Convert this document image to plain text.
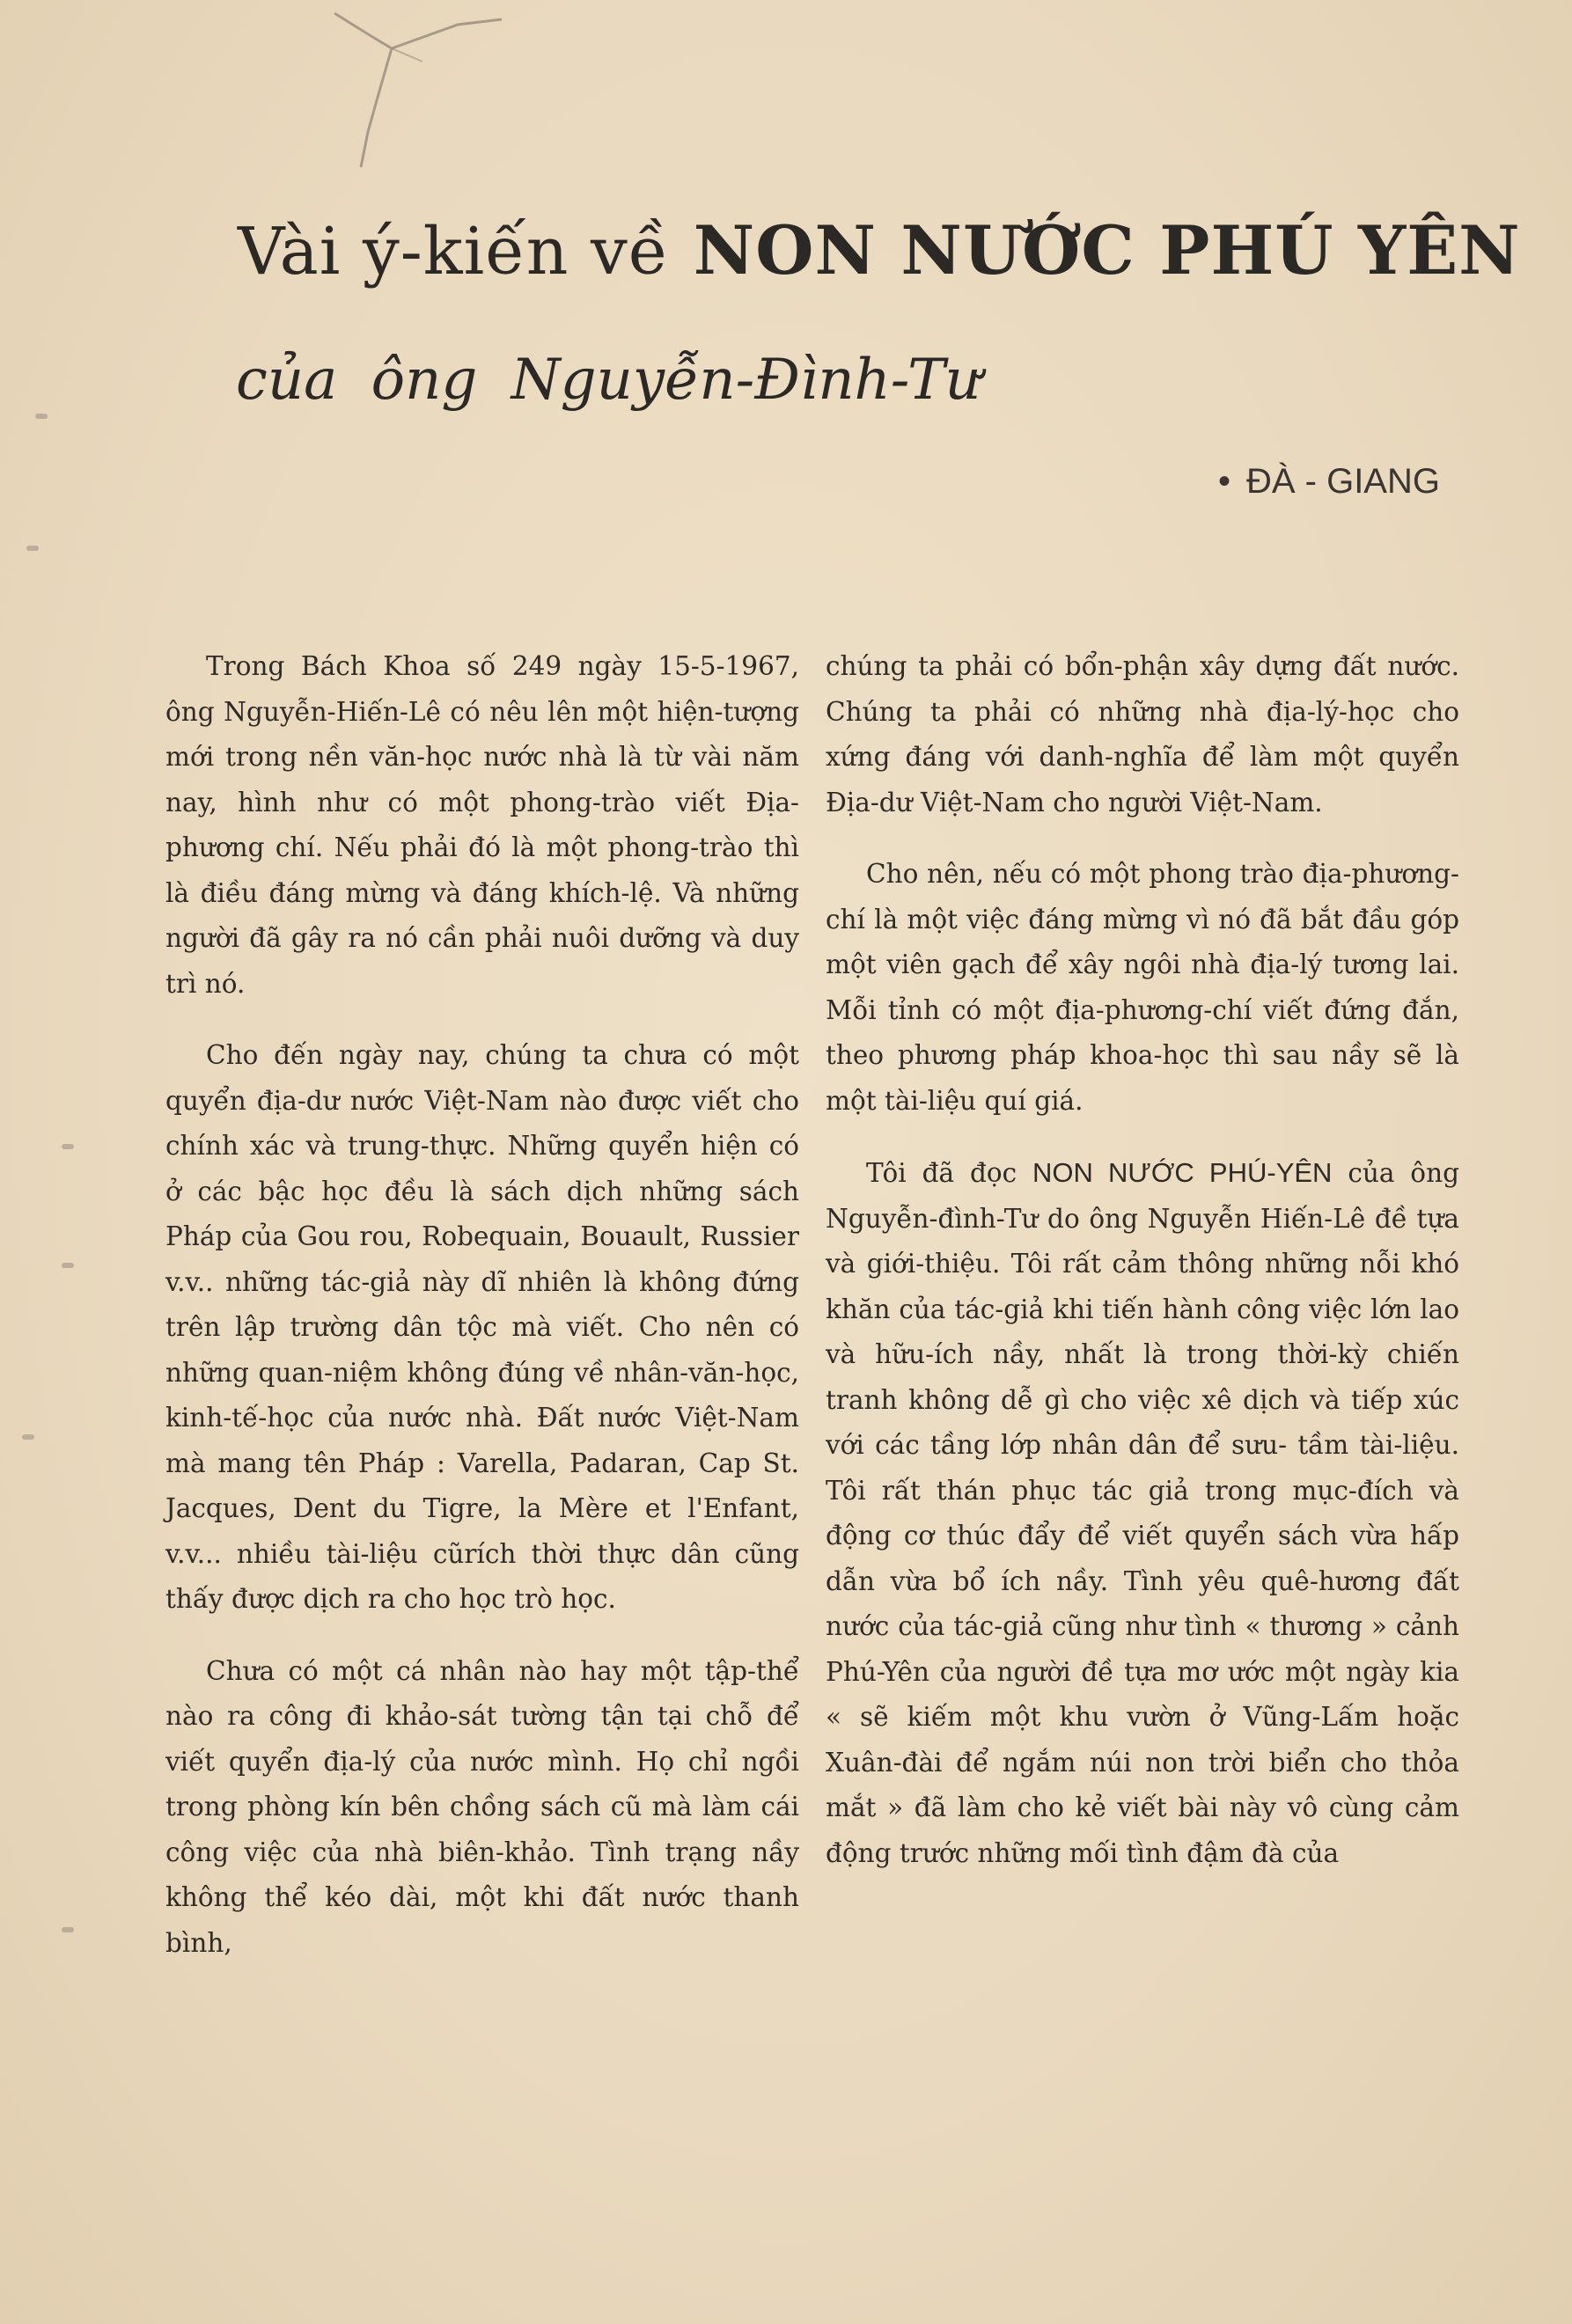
Vài ý-kiến về NON NƯỚC PHÚ YÊN
của ông Nguyễn-Đình-Tư
• ĐÀ - GIANG

Trong Bách Khoa số 249 ngày 15-5-1967, ông Nguyễn-Hiến-Lê có nêu lên một hiện-tượng mới trong nền văn-học nước nhà là từ vài năm nay, hình như có một phong-trào viết Địa-phương chí. Nếu phải đó là một phong-trào thì là điều đáng mừng và đáng khích-lệ. Và những người đã gây ra nó cần phải nuôi dưỡng và duy trì nó.

Cho đến ngày nay, chúng ta chưa có một quyển địa-dư nước Việt-Nam nào được viết cho chính xác và trung-thực. Những quyển hiện có ở các bậc học đều là sách dịch những sách Pháp của Gou rou, Robequain, Bouault, Russier v.v.. những tác-giả này dĩ nhiên là không đứng trên lập trường dân tộc mà viết. Cho nên có những quan-niệm không đúng về nhân-văn-học, kinh-tế-học của nước nhà. Đất nước Việt-Nam mà mang tên Pháp : Varella, Padaran, Cap St. Jacques, Dent du Tigre, la Mère et l'Enfant, v.v... nhiều tài-liệu cũrích thời thực dân cũng thấy được dịch ra cho học trò học.

Chưa có một cá nhân nào hay một tập-thể nào ra công đi khảo-sát tường tận tại chỗ để viết quyển địa-lý của nước mình. Họ chỉ ngồi trong phòng kín bên chồng sách cũ mà làm cái công việc của nhà biên-khảo. Tình trạng nầy không thể kéo dài, một khi đất nước thanh bình,

chúng ta phải có bổn-phận xây dựng đất nước. Chúng ta phải có những nhà địa-lý-học cho xứng đáng với danh-nghĩa để làm một quyển Địa-dư Việt-Nam cho người Việt-Nam.

Cho nên, nếu có một phong trào địa-phương-chí là một việc đáng mừng vì nó đã bắt đầu góp một viên gạch để xây ngôi nhà địa-lý tương lai. Mỗi tỉnh có một địa-phương-chí viết đứng đắn, theo phương pháp khoa-học thì sau nầy sẽ là một tài-liệu quí giá.

Tôi đã đọc NON NƯỚC PHÚ-YÊN của ông Nguyễn-đình-Tư do ông Nguyễn Hiến-Lê đề tựa và giới-thiệu. Tôi rất cảm thông những nỗi khó khăn của tác-giả khi tiến hành công việc lớn lao và hữu-ích nầy, nhất là trong thời-kỳ chiến tranh không dễ gì cho việc xê dịch và tiếp xúc với các tầng lớp nhân dân để sưu- tầm tài-liệu. Tôi rất thán phục tác giả trong mục-đích và động cơ thúc đẩy để viết quyển sách vừa hấp dẫn vừa bổ ích nầy. Tình yêu quê-hương đất nước của tác-giả cũng như tình « thương » cảnh Phú-Yên của người đề tựa mơ ước một ngày kia « sẽ kiếm một khu vườn ở Vũng-Lấm hoặc Xuân-đài để ngắm núi non trời biển cho thỏa mắt » đã làm cho kẻ viết bài này vô cùng cảm động trước những mối tình đậm đà của
